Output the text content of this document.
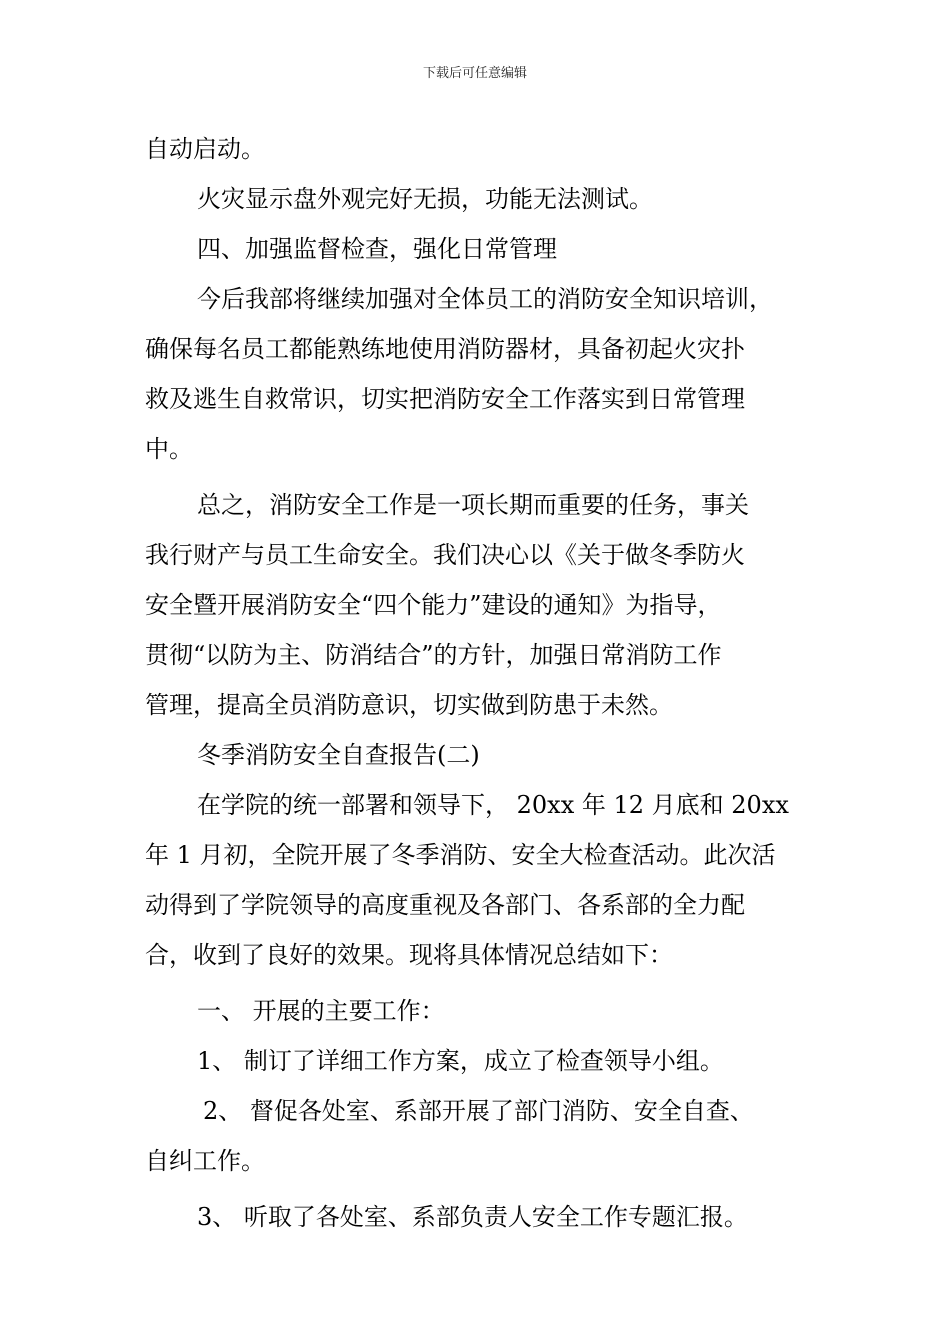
下载后可任意编辑
自动启动。
火灾显示盘外观完好无损，功能无法测试。
四、加强监督检查，强化日常管理
今后我部将继续加强对全体员工的消防安全知识培训，
确保每名员工都能熟练地使用消防器材，具备初起火灾扑
救及逃生自救常识，切实把消防安全工作落实到日常管理
中。
总之，消防安全工作是一项长期而重要的任务，事关
我行财产与员工生命安全。我们决心以《关于做冬季防火
安全暨开展消防安全“四个能力”建设的通知》为指导，
贯彻“以防为主、防消结合”的方针，加强日常消防工作
管理，提高全员消防意识，切实做到防患于未然。
冬季消防安全自查报告(二)
在学院的统一部署和领导下， 20xx 年 12 月底和 20xx
年 1 月初，全院开展了冬季消防、安全大检查活动。此次活
动得到了学院领导的高度重视及各部门、各系部的全力配
合，收到了良好的效果。现将具体情况总结如下：
一、 开展的主要工作：
1、 制订了详细工作方案，成立了检查领导小组。
2、 督促各处室、系部开展了部门消防、安全自查、
自纠工作。
3、 听取了各处室、系部负责人安全工作专题汇报。
